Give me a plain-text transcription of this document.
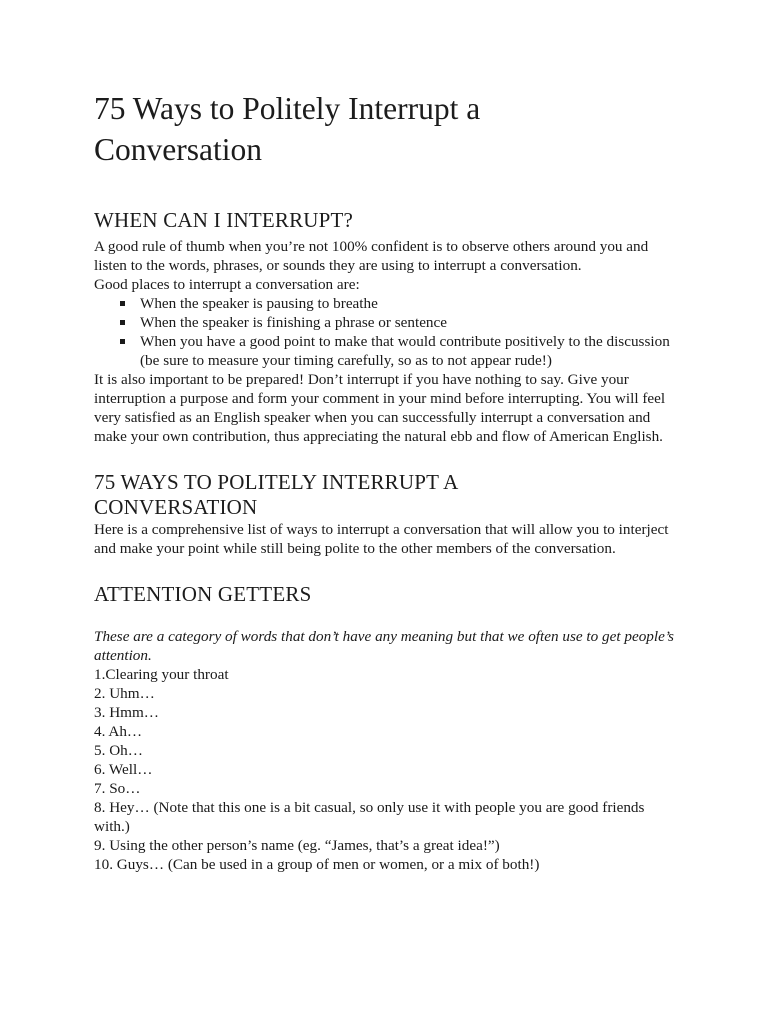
75 Ways to Politely Interrupt a
Conversation
WHEN CAN I INTERRUPT?

A good rule of thumb when you’re not 100% confident is to observe others around you and listen to the words, phrases, or sounds they are using to interrupt a conversation.

Good places to interrupt a conversation are:

When the speaker is pausing to breathe
When the speaker is finishing a phrase or sentence
When you have a good point to make that would contribute positively to the discussion (be sure to measure your timing carefully, so as to not appear rude!)

It is also important to be prepared! Don’t interrupt if you have nothing to say. Give your interruption a purpose and form your comment in your mind before interrupting. You will feel very satisfied as an English speaker when you can successfully interrupt a conversation and make your own contribution, thus appreciating the natural ebb and flow of American English.

75 WAYS TO POLITELY INTERRUPT A
CONVERSATION

Here is a comprehensive list of ways to interrupt a conversation that will allow you to interject and make your point while still being polite to the other members of the conversation.

ATTENTION GETTERS

These are a category of words that don’t have any meaning but that we often use to get people’s attention.

1.Clearing your throat
2. Uhm…
3. Hmm…
4. Ah…
5. Oh…
6. Well…
7. So…
8. Hey… (Note that this one is a bit casual, so only use it with people you are good friends with.)
9. Using the other person’s name (eg. “James, that’s a great idea!”)
10. Guys… (Can be used in a group of men or women, or a mix of both!)
